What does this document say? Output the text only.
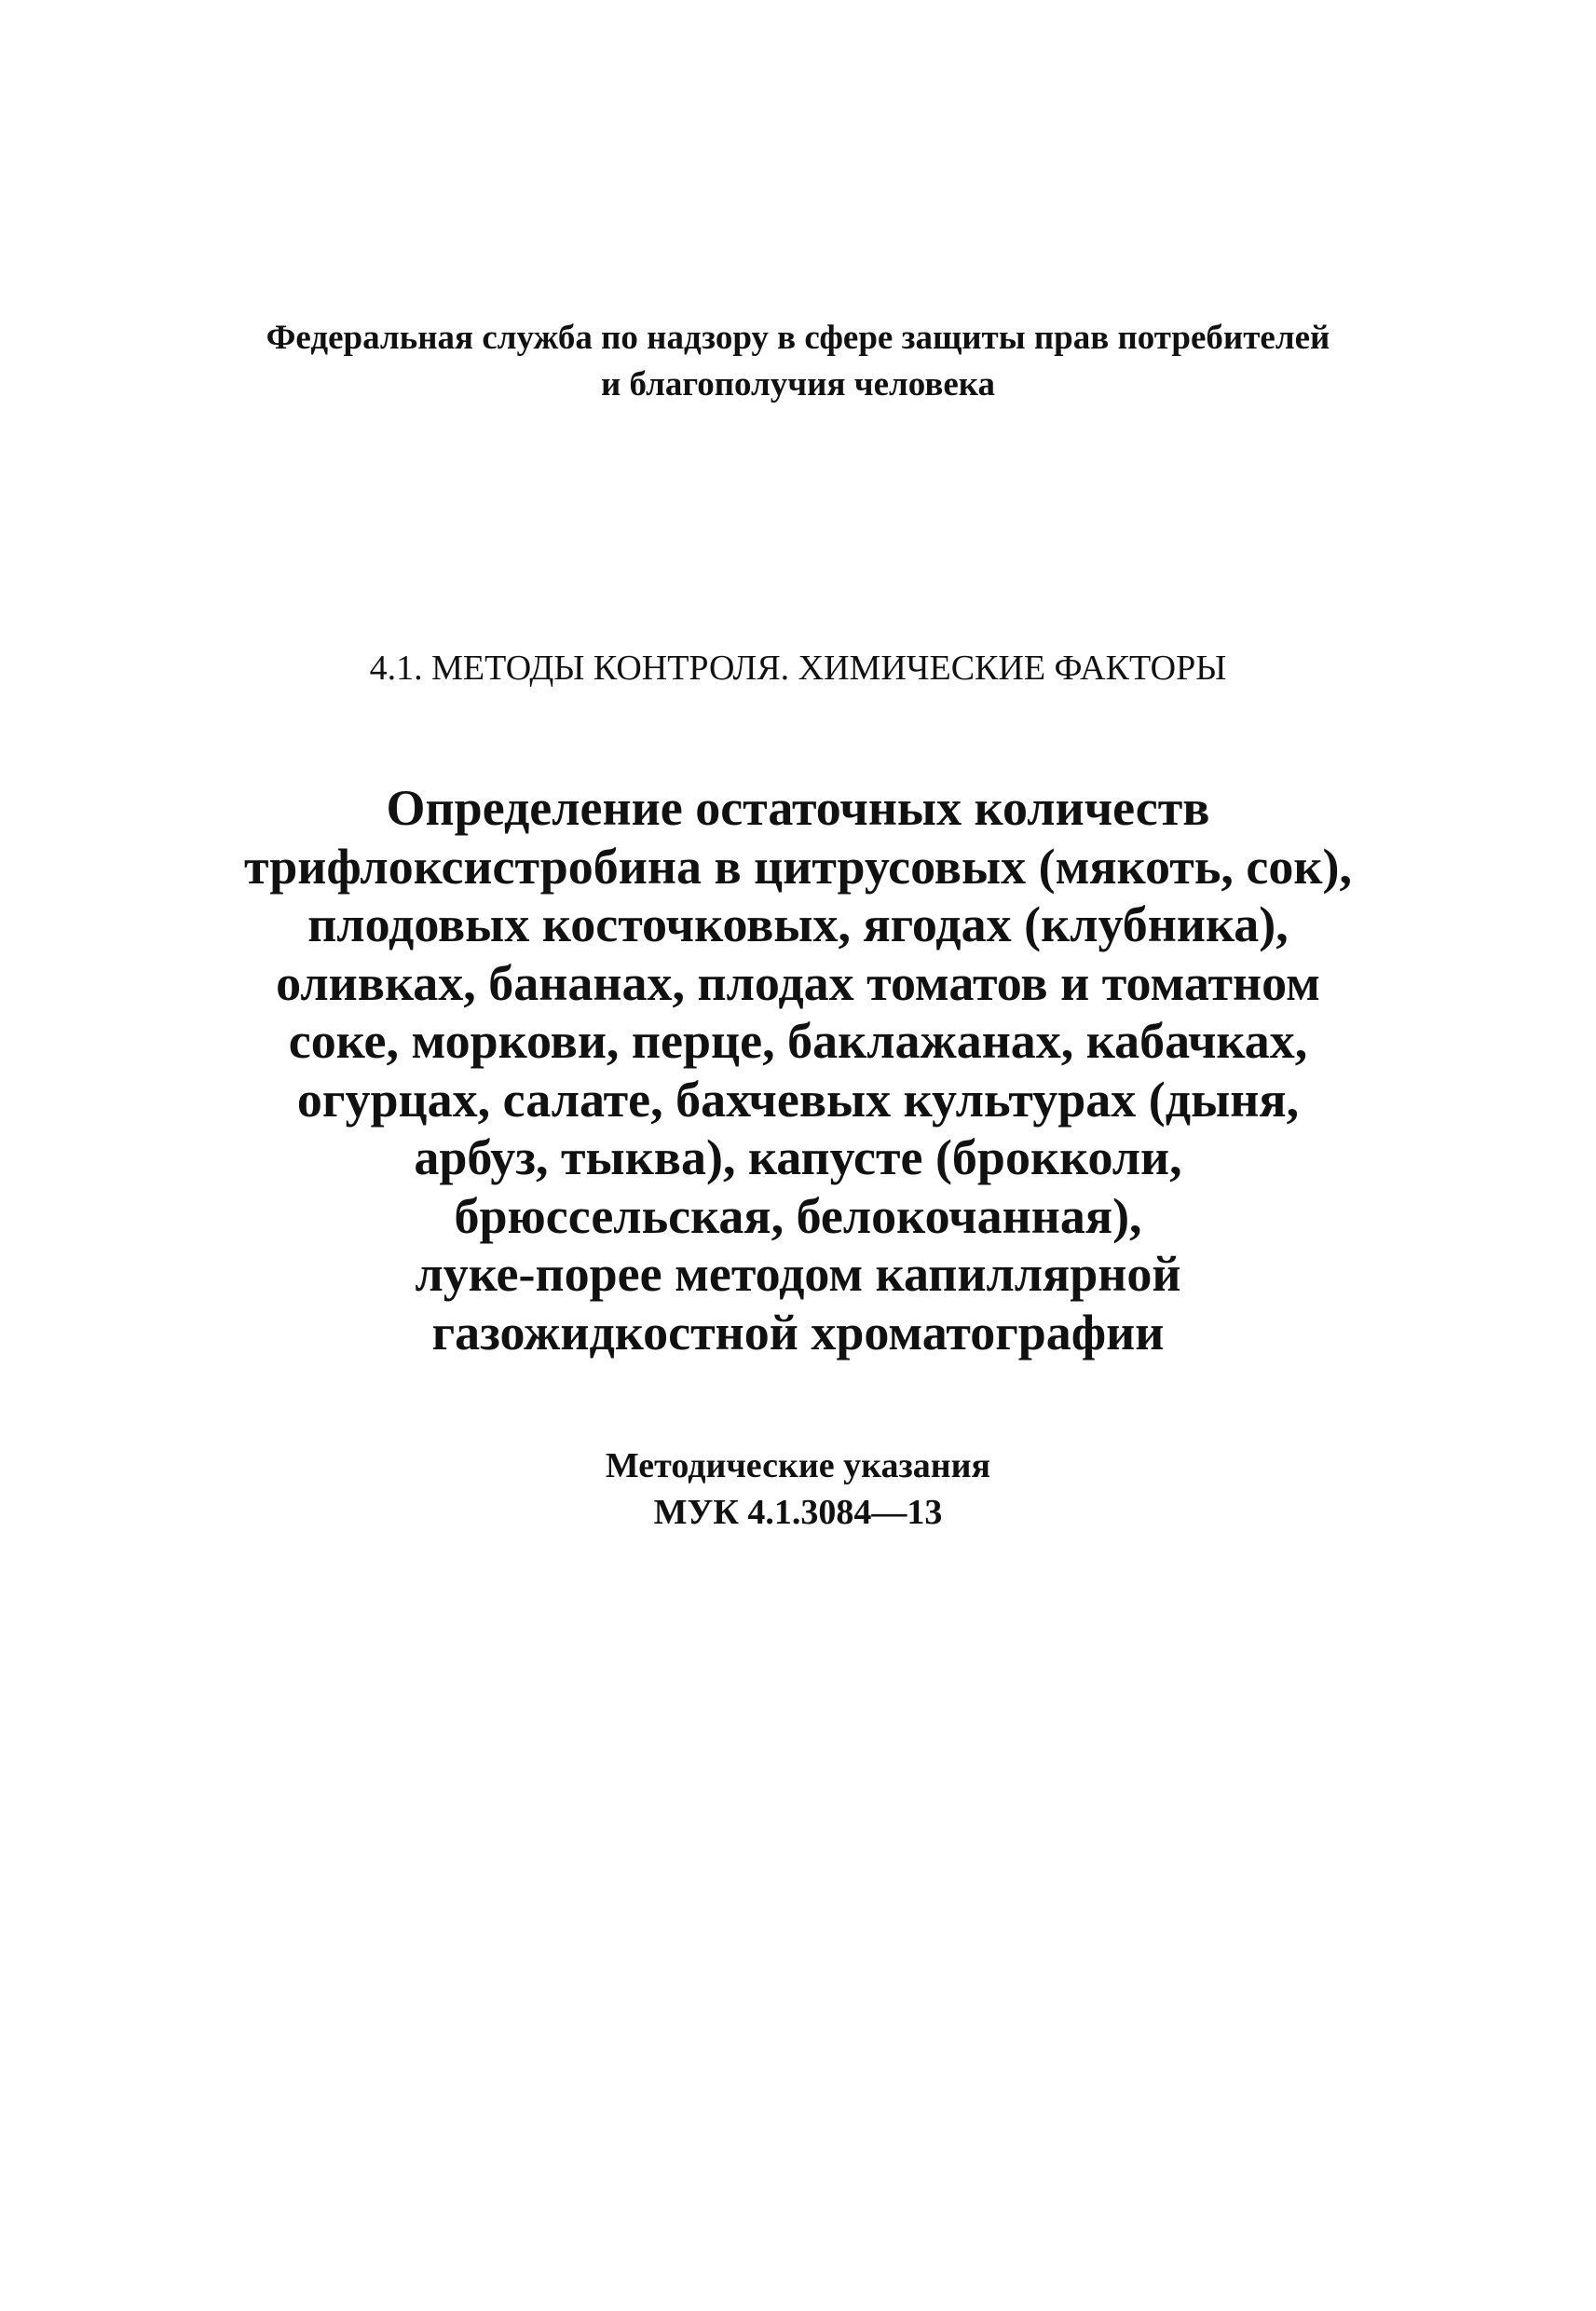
Федеральная служба по надзору в сфере защиты прав потребителей
и благополучия человека
4.1. МЕТОДЫ КОНТРОЛЯ. ХИМИЧЕСКИЕ ФАКТОРЫ
Определение остаточных количеств
трифлоксистробина в цитрусовых (мякоть, сок),
плодовых косточковых, ягодах (клубника),
оливках, бананах, плодах томатов и томатном
соке, моркови, перце, баклажанах, кабачках,
огурцах, салате, бахчевых культурах (дыня,
арбуз, тыква), капусте (брокколи,
брюссельская, белокочанная),
луке-порее методом капиллярной
газожидкостной хроматографии
Методические указания
МУК 4.1.3084—13
